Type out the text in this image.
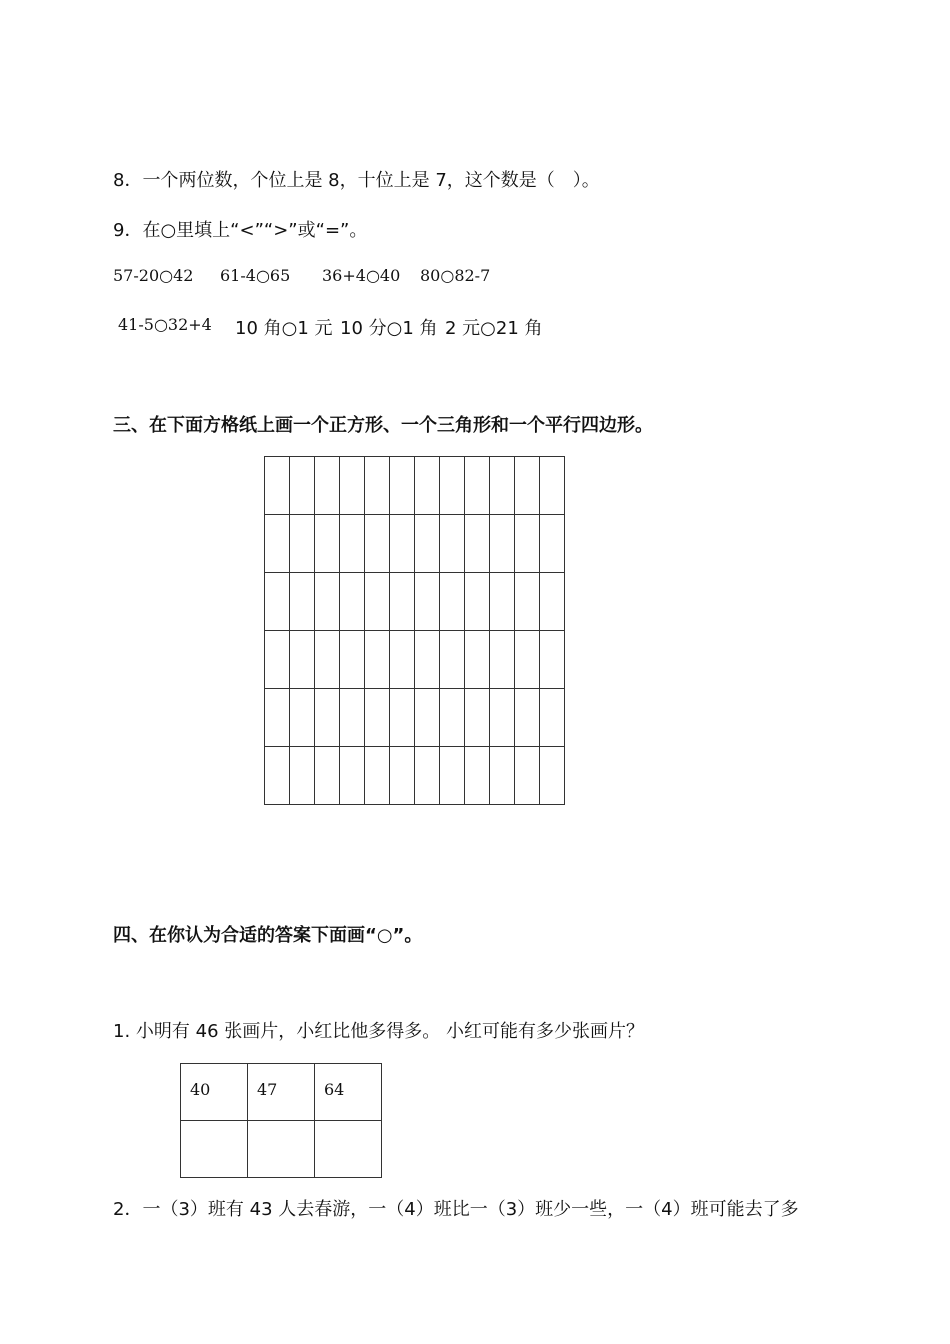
8．一个两位数，个位上是 8，十位上是 7，这个数是（　）。
9．在○里填上“<”“>”或“=”。
57-20○42 61-4○65 36+4○40 80○82-7
41-5○32+4 10 角○1 元 10 分○1 角 2 元○21 角
三、在下面方格纸上画一个正方形、一个三角形和一个平行四边形。

四、在你认为合适的答案下面画“○”。
1. 小明有 46 张画片，小红比他多得多。 小红可能有多少张画片？
40	47	64

2．一（3）班有 43 人去春游，一（4）班比一（3）班少一些，一（4）班可能去了多
